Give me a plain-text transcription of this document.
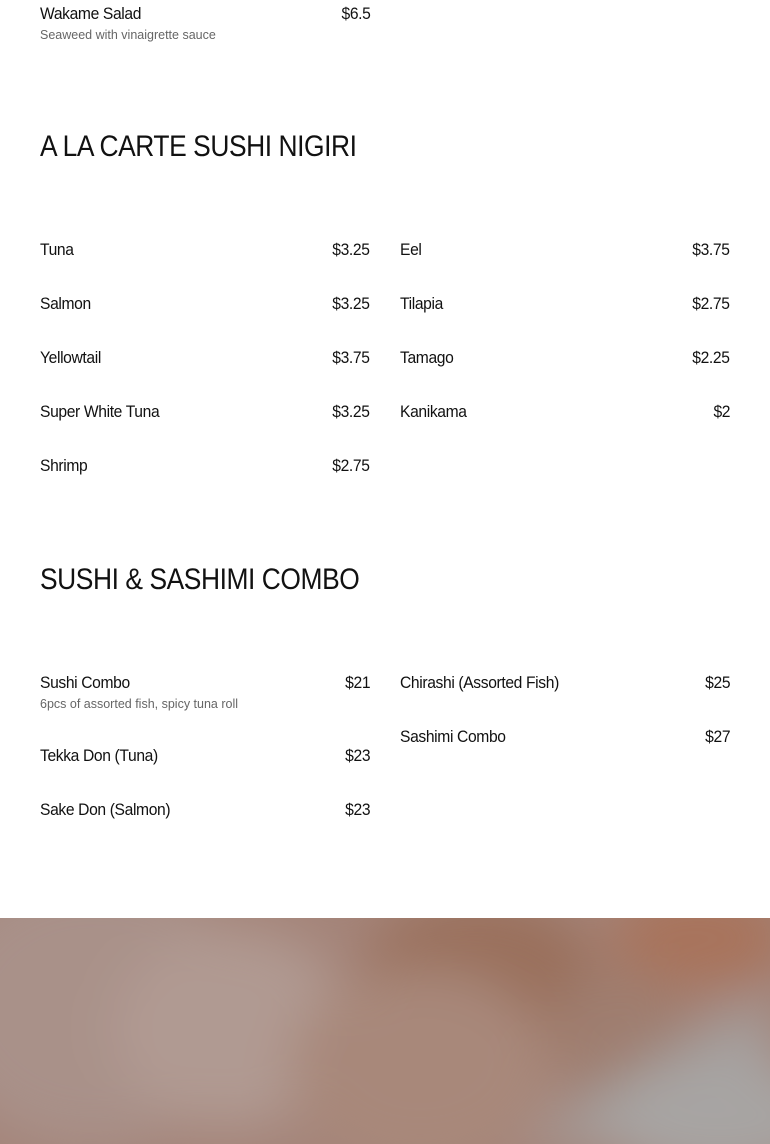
Wakame Salad	$6.5
Seaweed with vinaigrette sauce
A LA CARTE SUSHI NIGIRI
Tuna	$3.25
Salmon	$3.25
Yellowtail	$3.75
Super White Tuna	$3.25
Shrimp	$2.75
Eel	$3.75
Tilapia	$2.75
Tamago	$2.25
Kanikama	$2
SUSHI & SASHIMI COMBO
Sushi Combo	$21
6pcs of assorted fish, spicy tuna roll
Tekka Don (Tuna)	$23
Sake Don (Salmon)	$23
Chirashi (Assorted Fish)	$25
Sashimi Combo	$27
